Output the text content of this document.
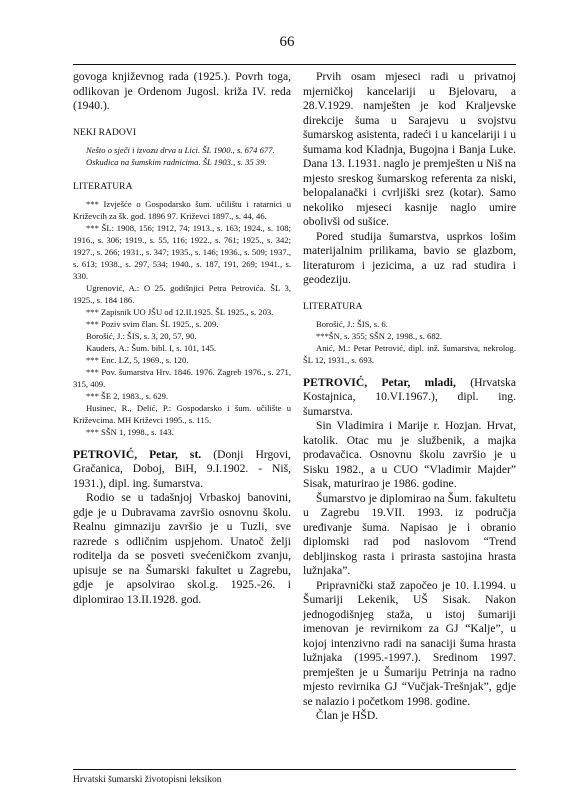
66

govoga književnog rada (1925.). Povrh toga, odlikovan je Ordenom Jugosl. križa IV. reda (1940.).

NEKI RADOVI

Nešto o sječi i izvozu drva u Lici. ŠL 1900., s. 674 677.

Oskudica na šumskim radnicima. ŠL 1903., s. 35 39.

LITERATURA

*** Izvješće o Gospodarsko šum. učilištu i ratarnici u Križevcih za šk. god. 1896 97. Križevci 1897., s. 44, 46.

*** ŠL: 1908, 156; 1912, 74; 1913., s. 163; 1924., s. 108; 1916., s. 306; 1919., s. 55, 116; 1922., s. 761; 1925., s. 342; 1927., s. 266; 1931., s. 347; 1935., s. 146; 1936., s. 509; 1937., s. 613; 1938., s. 297, 534; 1940., s. 187, 191, 269; 1941., s. 330.

Ugrenović, A.: O 25. godišnjici Petra Petrovića. ŠL 3, 1925., s. 184 186.

*** Zapisnik UO JŠU od 12.II.1925. ŠL 1925., s. 203.

*** Poziv svim član. ŠL 1925., s. 209.

Borošić, J.: ŠIS, s. 3, 20, 57, 90.

Kauders, A.: Šum. bibl. I, s. 101, 145.

*** Enc. LZ, 5, 1969., s. 120.

*** Pov. šumarstva Hrv. 1846. 1976. Zagreb 1976., s. 271, 315, 409.

*** ŠE 2, 1983., s. 629.

Husinec, R., Delić, P.: Gospodarsko i šum. učilište u Križevcima. MH Križevci 1995., s. 115.

*** SŠN 1, 1998., s. 143.

PETROVIĆ, Petar, st. (Donji Hrgovi, Gračanica, Doboj, BiH, 9.I.1902. - Niš, 1931.), dipl. ing. šumarstva.

Rodio se u tadašnjoj Vrbaskoj banovini, gdje je u Dubravama završio osnovnu školu. Realnu gimnaziju završio je u Tuzli, sve razrede s odličnim uspjehom. Unatoč želji roditelja da se posveti svećeničkom zvanju, upisuje se na Šumarski fakultet u Zagrebu, gdje je apsolvirao skol.g. 1925.-26. i diplomirao 13.II.1928. god.

Prvih osam mjeseci radi u privatnoj mjerničkoj kancelariji u Bjelovaru, a 28.V.1929. namješten je kod Kraljevske direkcije šuma u Sarajevu u svojstvu šumarskog asistenta, radeći i u kancelariji i u šumama kod Kladnja, Bugojna i Banja Luke. Dana 13. I.1931. naglo je premješten u Niš na mjesto sreskog šumarskog referenta za niski, belopalanački i cvrljiški srez (kotar). Samo nekoliko mjeseci kasnije naglo umire obolivši od sušice.

Pored studija šumarstva, usprkos lošim materijalnim prilikama, bavio se glazbom, literaturom i jezicima, a uz rad studira i geodeziju.

LITERATURA

Borošić, J.: ŠIS, s. 6.

***ŠN, s. 355; SŠN 2, 1998., s. 682.

Anić, M.: Petar Petrović, dipl. inž. šumarstva, nekrolog. ŠL 12, 1931., s. 693.

PETROVIĆ, Petar, mladi, (Hrvatska Kostajnica, 10.VI.1967.), dipl. ing. šumarstva.

Sin Vladimira i Marije r. Hozjan. Hrvat, katolik. Otac mu je službenik, a majka prodavačica. Osnovnu školu završio je u Sisku 1982., a u CUO “Vladimir Majder” Sisak, maturirao je 1986. godine.

Šumarstvo je diplomirao na Šum. fakultetu u Zagrebu 19.VII. 1993. iz područja uređivanje šuma. Napisao je i obranio diplomski rad pod naslovom “Trend debljinskog rasta i prirasta sastojina hrasta lužnjaka”.

Pripravnički staž započeo je 10. I.1994. u Šumariji Lekenik, UŠ Sisak. Nakon jednogodišnjeg staža, u istoj šumariji imenovan je revirnikom za GJ “Kalje”, u kojoj intenzivno radi na sanaciji šuma hrasta lužnjaka (1995.-1997.). Sredinom 1997. premješten je u Šumariju Petrinja na radno mjesto revirnika GJ “Vučjak-Trešnjak”, gdje se nalazio i početkom 1998. godine.

Član je HŠD.

Hrvatski šumarski životopisni leksikon
